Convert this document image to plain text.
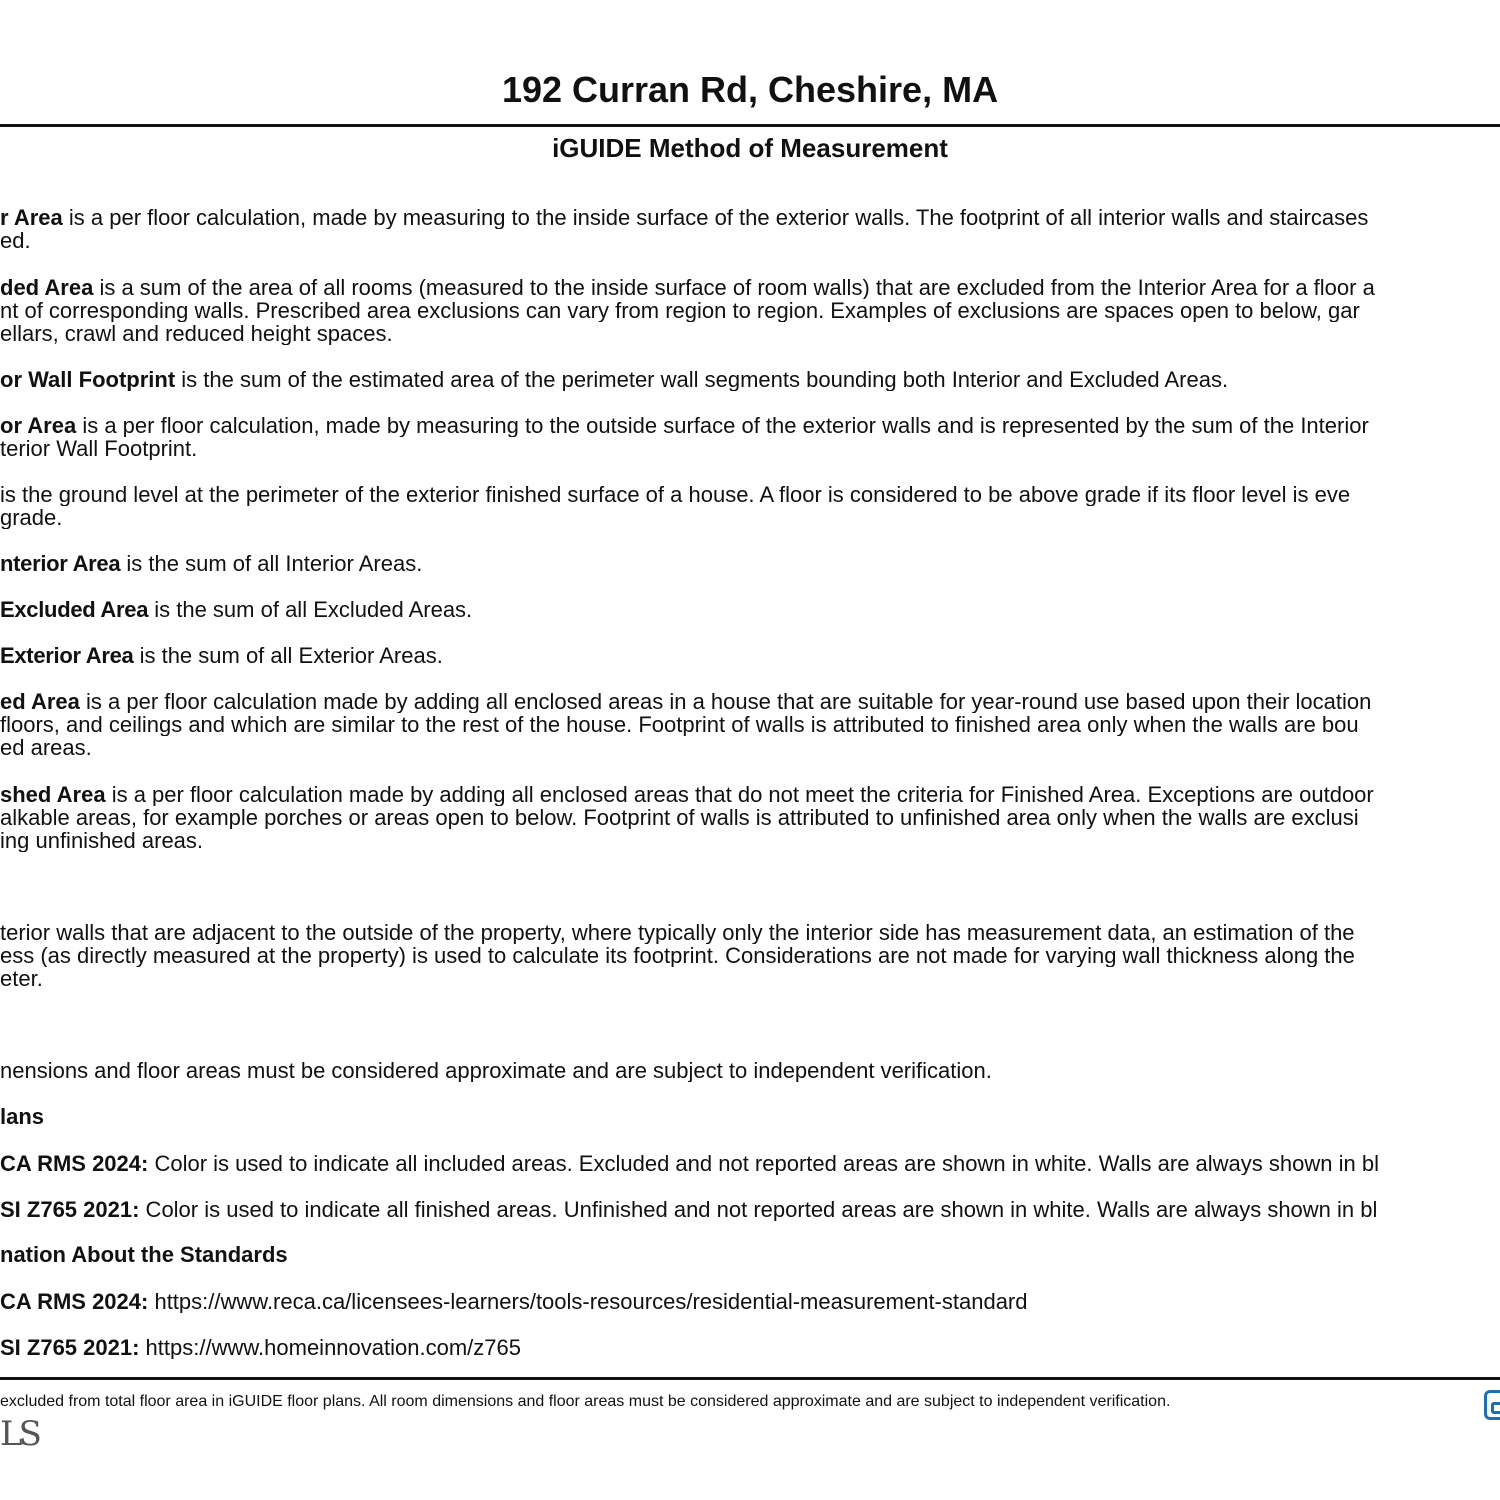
192 Curran Rd, Cheshire, MA
iGUIDE Method of Measurement
r Area is a per floor calculation, made by measuring to the inside surface of the exterior walls. The footprint of all interior walls and staircases
ed.
ded Area is a sum of the area of all rooms (measured to the inside surface of room walls) that are excluded from the Interior Area for a floor a
nt of corresponding walls. Prescribed area exclusions can vary from region to region. Examples of exclusions are spaces open to below, gar
ellars, crawl and reduced height spaces.
or Wall Footprint is the sum of the estimated area of the perimeter wall segments bounding both Interior and Excluded Areas.
or Area is a per floor calculation, made by measuring to the outside surface of the exterior walls and is represented by the sum of the Interior
terior Wall Footprint.
is the ground level at the perimeter of the exterior finished surface of a house. A floor is considered to be above grade if its floor level is eve
grade.
nterior Area is the sum of all Interior Areas.
Excluded Area is the sum of all Excluded Areas.
Exterior Area is the sum of all Exterior Areas.
ed Area is a per floor calculation made by adding all enclosed areas in a house that are suitable for year-round use based upon their location
floors, and ceilings and which are similar to the rest of the house. Footprint of walls is attributed to finished area only when the walls are bou
ed areas.
shed Area is a per floor calculation made by adding all enclosed areas that do not meet the criteria for Finished Area. Exceptions are outdoor
alkable areas, for example porches or areas open to below. Footprint of walls is attributed to unfinished area only when the walls are exclusi
ing unfinished areas.
terior walls that are adjacent to the outside of the property, where typically only the interior side has measurement data, an estimation of the
ess (as directly measured at the property) is used to calculate its footprint. Considerations are not made for varying wall thickness along the
eter.
nensions and floor areas must be considered approximate and are subject to independent verification.
lans
CA RMS 2024: Color is used to indicate all included areas. Excluded and not reported areas are shown in white. Walls are always shown in bl
SI Z765 2021: Color is used to indicate all finished areas. Unfinished and not reported areas are shown in white. Walls are always shown in bl
nation About the Standards
CA RMS 2024: https://www.reca.ca/licensees-learners/tools-resources/residential-measurement-standard
SI Z765 2021: https://www.homeinnovation.com/z765
excluded from total floor area in iGUIDE floor plans. All room dimensions and floor areas must be considered approximate and are subject to independent verification.
LS
